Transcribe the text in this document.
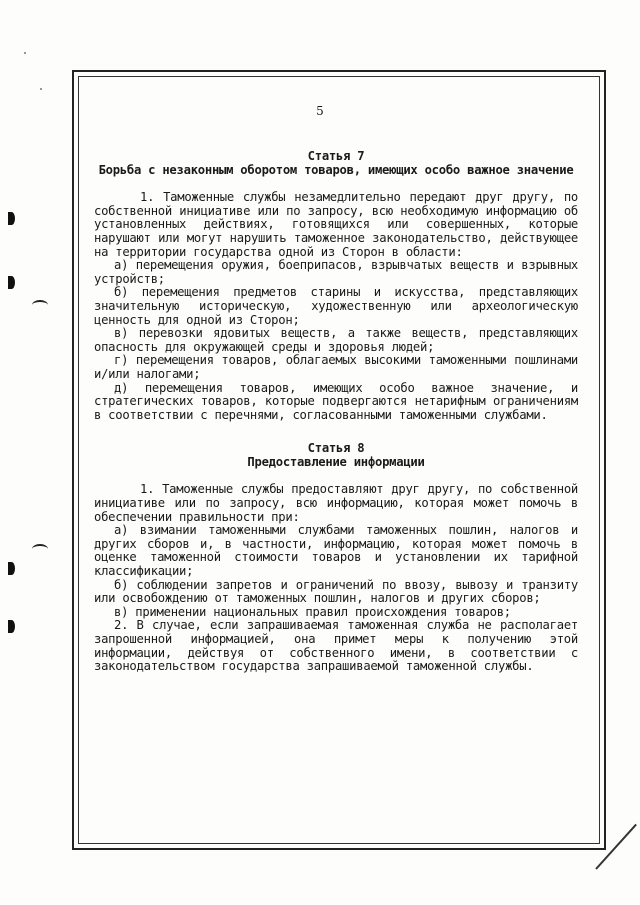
5

Статья 7

Борьба с незаконным оборотом товаров, имеющих особо важное значение

1. Таможенные службы незамедлительно передают друг другу, по собственной инициативе или по запросу, всю необходимую информацию об установленных действиях, готовящихся или совершенных, которые нарушают или могут нарушить таможенное законодательство, действующее на территории государства одной из Сторон в области:

а) перемещения оружия, боеприпасов, взрывчатых веществ и взрывных устройств;

б) перемещения предметов старины и искусства, представляющих значительную историческую, художественную или археологическую ценность для одной из Сторон;

в) перевозки ядовитых веществ, а также веществ, представляющих опасность для окружающей среды и здоровья людей;

г) перемещения товаров, облагаемых высокими таможенными пошлинами и/или налогами;

д) перемещения товаров, имеющих особо важное значение, и стратегических товаров, которые подвергаются нетарифным ограничениям в соответствии с перечнями, согласованными таможенными службами.

Статья 8

Предоставление информации

1. Таможенные службы предоставляют друг другу, по собственной инициативе или по запросу, всю информацию, которая может помочь в обеспечении правильности при:

а) взимании таможенными службами таможенных пошлин, налогов и других сборов и, в частности, информацию, которая может помочь в оценке таможенной стоимости товаров и установлении их тарифной классификации;

б) соблюдении запретов и ограничений по ввозу, вывозу и транзиту или освобождению от таможенных пошлин, налогов и других сборов;

в) применении национальных правил происхождения товаров;

2. В случае, если запрашиваемая таможенная служба не располагает запрошенной информацией, она примет меры к получению этой информации, действуя от собственного имени, в соответствии с законодательством государства запрашиваемой таможенной службы.
